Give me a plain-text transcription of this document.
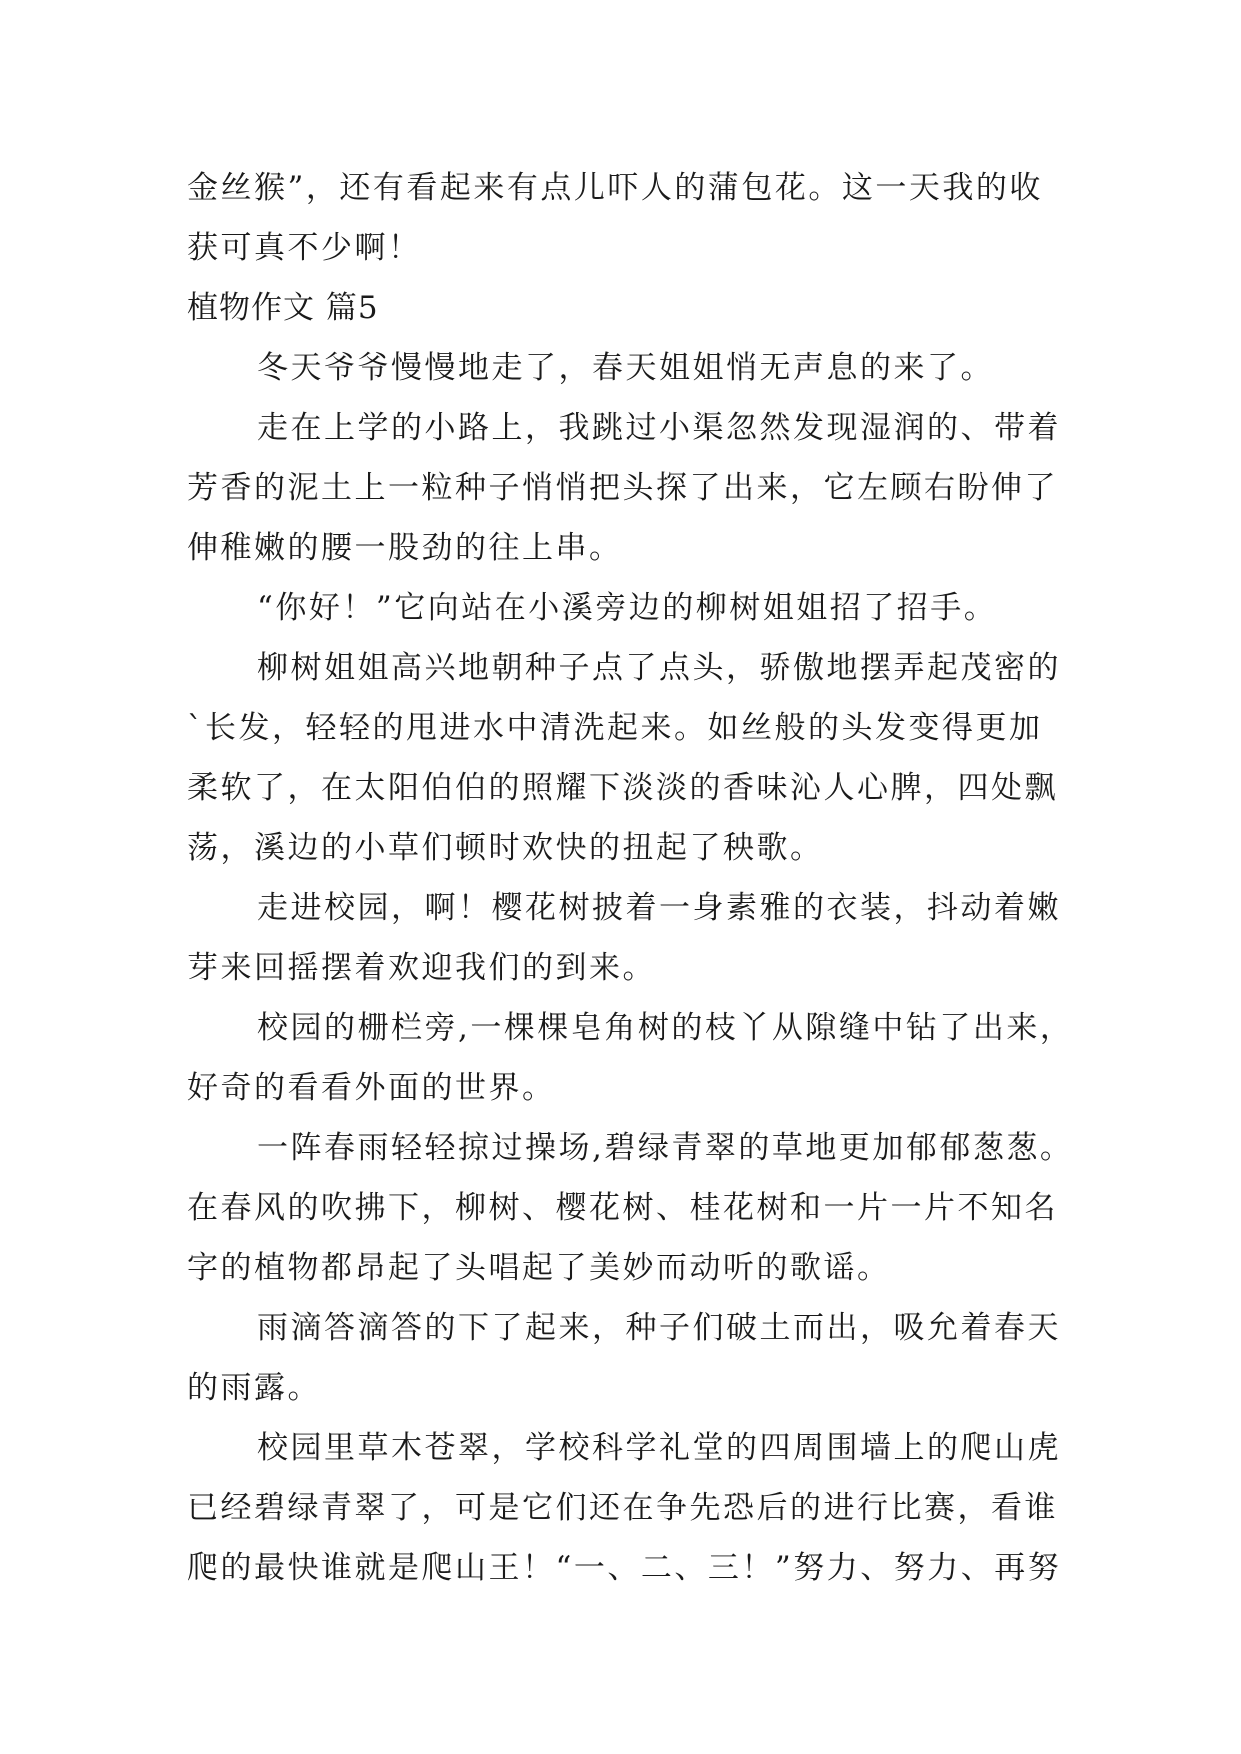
金丝猴”，还有看起来有点儿吓人的蒲包花。这一天我的收
获可真不少啊！
植物作文 篇5
冬天爷爷慢慢地走了，春天姐姐悄无声息的来了。
走在上学的小路上，我跳过小渠忽然发现湿润的、带着
芳香的泥土上一粒种子悄悄把头探了出来，它左顾右盼伸了
伸稚嫩的腰一股劲的往上串。
“你好！”它向站在小溪旁边的柳树姐姐招了招手。
柳树姐姐高兴地朝种子点了点头，骄傲地摆弄起茂密的
`长发，轻轻的甩进水中清洗起来。如丝般的头发变得更加
柔软了，在太阳伯伯的照耀下淡淡的香味沁人心脾，四处飘
荡，溪边的小草们顿时欢快的扭起了秧歌。
走进校园，啊！樱花树披着一身素雅的衣装，抖动着嫩
芽来回摇摆着欢迎我们的到来。
校园的栅栏旁,一棵棵皂角树的枝丫从隙缝中钻了出来，
好奇的看看外面的世界。
一阵春雨轻轻掠过操场,碧绿青翠的草地更加郁郁葱葱。
在春风的吹拂下，柳树、樱花树、桂花树和一片一片不知名
字的植物都昂起了头唱起了美妙而动听的歌谣。
雨滴答滴答的下了起来，种子们破土而出，吸允着春天
的雨露。
校园里草木苍翠，学校科学礼堂的四周围墙上的爬山虎
已经碧绿青翠了，可是它们还在争先恐后的进行比赛，看谁
爬的最快谁就是爬山王！“一、二、三！”努力、努力、再努
